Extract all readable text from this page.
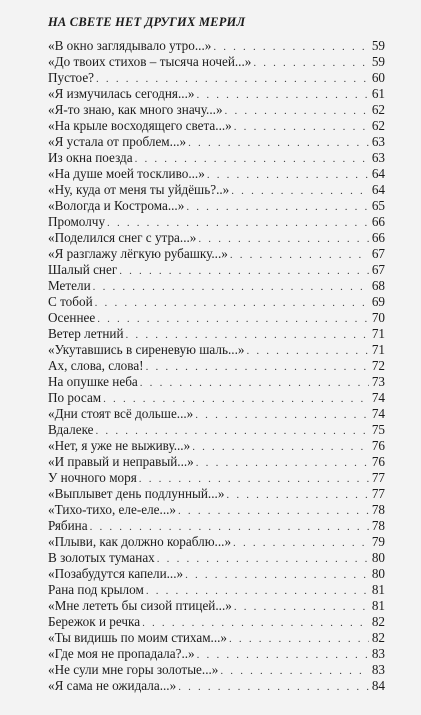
НА СВЕТЕ НЕТ ДРУГИХ МЕРИЛ
«В окно заглядывало утро...» . . .	59
«До твоих стихов – тысяча ночей...» . . .	59
Пустое? . . .	60
«Я измучилась сегодня...» . . .	61
«Я-то знаю, как много значу...» . . .	62
«На крыле восходящего света...» . . .	62
«Я устала от проблем...» . . .	63
Из окна поезда . . .	63
«На душе моей тоскливо...» . . .	64
«Ну, куда от меня ты уйдёшь?..» . . .	64
«Вологда и Кострома...» . . .	65
Промолчу . . .	66
«Поделился снег с утра...» . . .	66
«Я разглажу лёгкую рубашку...» . . .	67
Шалый снег . . .	67
Метели . . .	68
С тобой . . .	69
Осеннее . . .	70
Ветер летний . . .	71
«Укутавшись в сиреневую шаль...» . . .	71
Ах, слова, слова! . . .	72
На опушке неба . . .	73
По росам . . .	74
«Дни стоят всё дольше...» . . .	74
Вдалеке . . .	75
«Нет, я уже не выживу...» . . .	76
«И правый и неправый...» . . .	76
У ночного моря . . .	77
«Выплывет день подлунный...» . . .	77
«Тихо-тихо, еле-еле...» . . .	78
Рябина . . .	78
«Плыви, как должно кораблю...» . . .	79
В золотых туманах . . .	80
«Позабудутся капели...» . . .	80
Рана под крылом . . .	81
«Мне лететь бы сизой птицей...» . . .	81
Бережок и речка . . .	82
«Ты видишь по моим стихам...» . . .	82
«Где моя не пропадала?..» . . .	83
«Не сули мне горы золотые...» . . .	83
«Я сама не ожидала...» . . .	84
